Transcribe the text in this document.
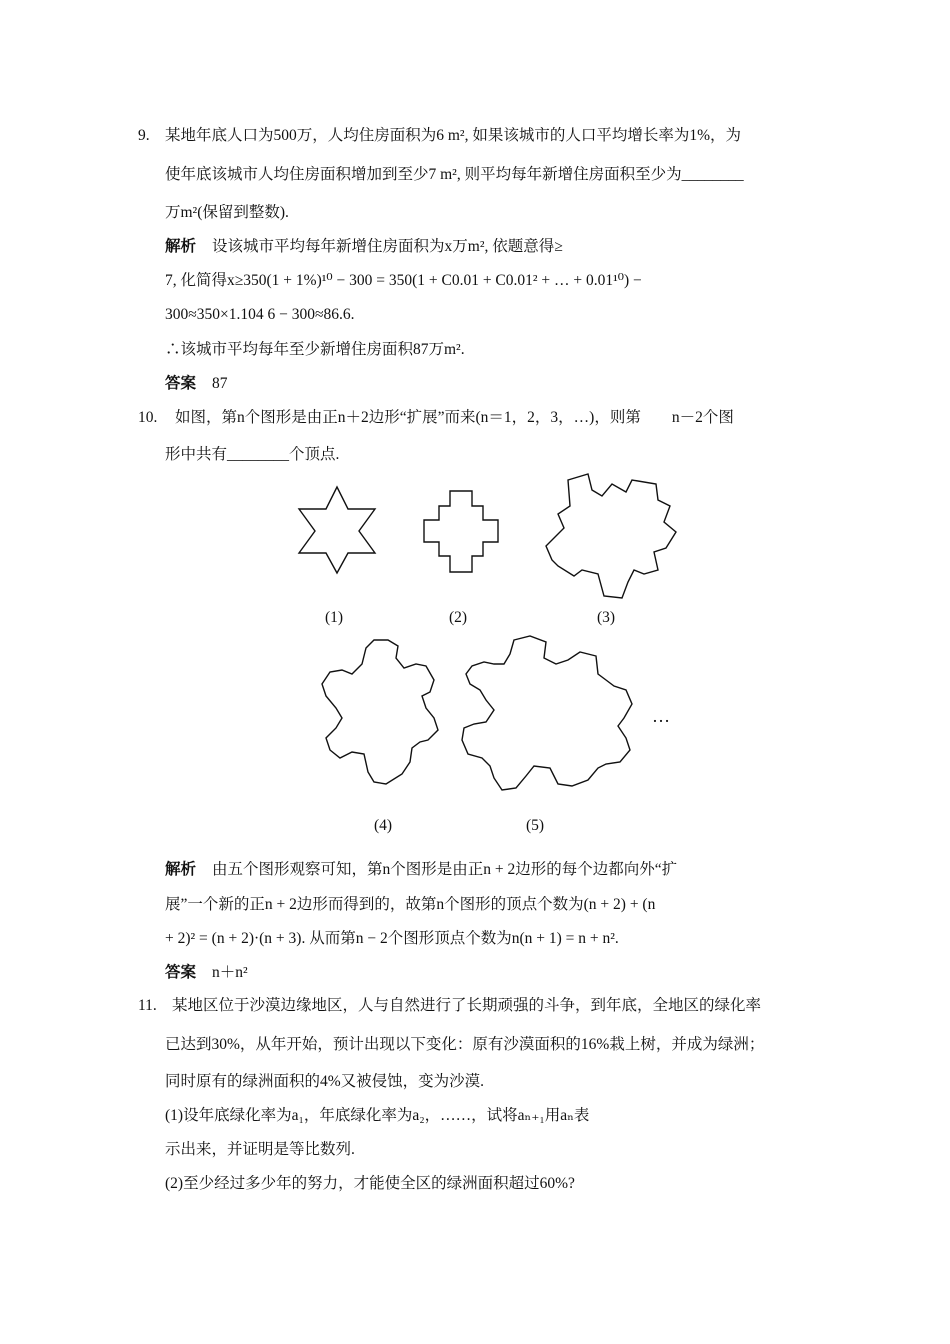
9. 某地年底人口为500万，人均住房面积为6 m², 如果该城市的人口平均增长率为1%，为
使年底该城市人均住房面积增加到至少7 m², 则平均每年新增住房面积至少为________
万m²(保留到整数).
解析 设该城市平均每年新增住房面积为x万m², 依题意得≥
7, 化简得x≥350(1 + 1%)¹⁰ − 300 = 350(1 + C0.01 + C0.01² + … + 0.01¹⁰) −
300≈350×1.104 6 − 300≈86.6.
∴该城市平均每年至少新增住房面积87万m².
答案 87
10. 如图，第n个图形是由正n＋2边形“扩展”而来(n＝1，2，3，…)，则第　　n－2个图
形中共有________个顶点.
(1)	(2)	(3)
(4)	(5)
…
解析 由五个图形观察可知，第n个图形是由正n + 2边形的每个边都向外“扩
展”一个新的正n + 2边形而得到的，故第n个图形的顶点个数为(n + 2) + (n
+ 2)² = (n + 2)·(n + 3). 从而第n − 2个图形顶点个数为n(n + 1) = n + n².
答案 n＋n²
11. 某地区位于沙漠边缘地区，人与自然进行了长期顽强的斗争，到年底，全地区的绿化率
已达到30%，从年开始，预计出现以下变化：原有沙漠面积的16%栽上树，并成为绿洲；
同时原有的绿洲面积的4%又被侵蚀，变为沙漠.
(1)设年底绿化率为a₁，年底绿化率为a₂，……，试将aₙ₊₁用aₙ表
示出来，并证明是等比数列.
(2)至少经过多少年的努力，才能使全区的绿洲面积超过60%?
